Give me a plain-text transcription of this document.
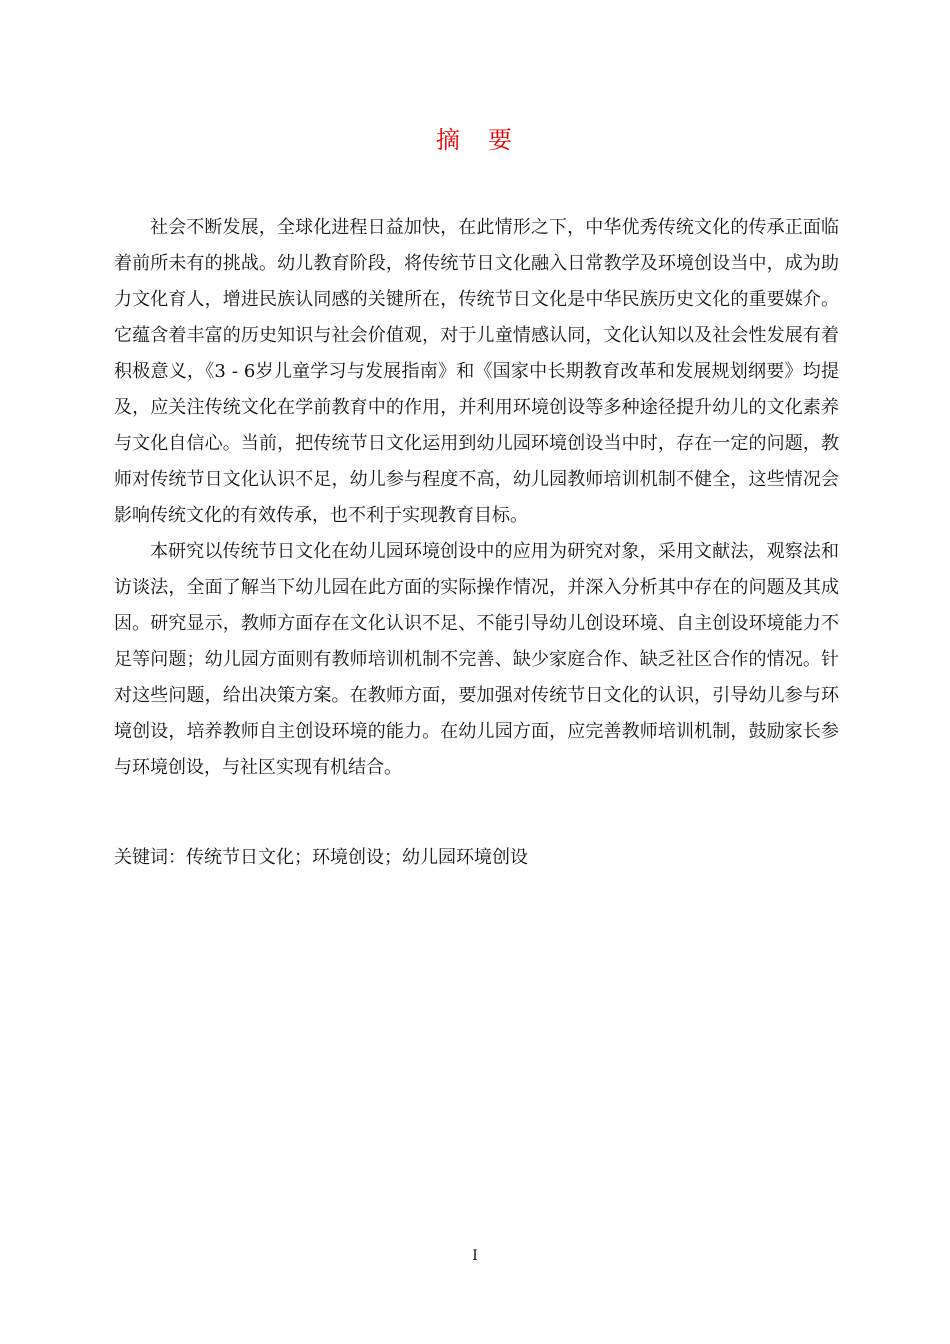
摘　要

社会不断发展，全球化进程日益加快，在此情形之下，中华优秀传统文化的传承正面临着前所未有的挑战。幼儿教育阶段，将传统节日文化融入日常教学及环境创设当中，成为助力文化育人，增进民族认同感的关键所在，传统节日文化是中华民族历史文化的重要媒介。它蕴含着丰富的历史知识与社会价值观，对于儿童情感认同，文化认知以及社会性发展有着积极意义，《3 - 6岁儿童学习与发展指南》和《国家中长期教育改革和发展规划纲要》均提及，应关注传统文化在学前教育中的作用，并利用环境创设等多种途径提升幼儿的文化素养与文化自信心。当前，把传统节日文化运用到幼儿园环境创设当中时，存在一定的问题，教师对传统节日文化认识不足，幼儿参与程度不高，幼儿园教师培训机制不健全，这些情况会影响传统文化的有效传承，也不利于实现教育目标。

本研究以传统节日文化在幼儿园环境创设中的应用为研究对象，采用文献法，观察法和访谈法，全面了解当下幼儿园在此方面的实际操作情况，并深入分析其中存在的问题及其成因。研究显示，教师方面存在文化认识不足、不能引导幼儿创设环境、自主创设环境能力不足等问题；幼儿园方面则有教师培训机制不完善、缺少家庭合作、缺乏社区合作的情况。针对这些问题，给出决策方案。在教师方面，要加强对传统节日文化的认识，引导幼儿参与环境创设，培养教师自主创设环境的能力。在幼儿园方面，应完善教师培训机制，鼓励家长参与环境创设，与社区实现有机结合。

关键词：传统节日文化；环境创设；幼儿园环境创设
I
